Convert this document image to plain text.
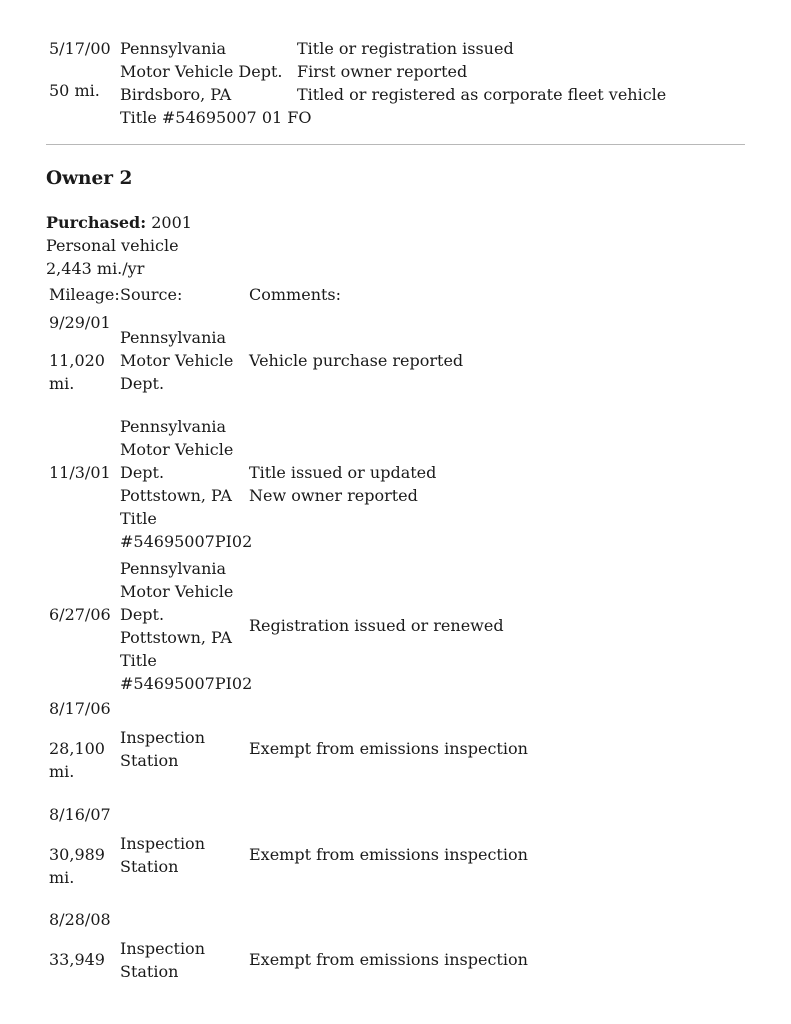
5/17/00
50 mi.
Pennsylvania
Motor Vehicle Dept.
Birdsboro, PA
Title #54695007 01 FO
Title or registration issued
First owner reported
Titled or registered as corporate fleet vehicle
Owner 2
Purchased: 2001
Personal vehicle
2,443 mi./yr
Mileage: Source:	Comments:
9/29/01
11,020
mi.
Pennsylvania
Motor Vehicle
Dept.
Vehicle purchase reported
11/3/01
Pennsylvania
Motor Vehicle
Dept.
Pottstown, PA
Title
#54695007PI02
Title issued or updated
New owner reported
6/27/06
Pennsylvania
Motor Vehicle
Dept.
Pottstown, PA
Title
#54695007PI02
Registration issued or renewed
8/17/06
28,100
mi.
Inspection
Station
Exempt from emissions inspection
8/16/07
30,989
mi.
Inspection
Station
Exempt from emissions inspection
8/28/08
33,949
Inspection
Station
Exempt from emissions inspection
